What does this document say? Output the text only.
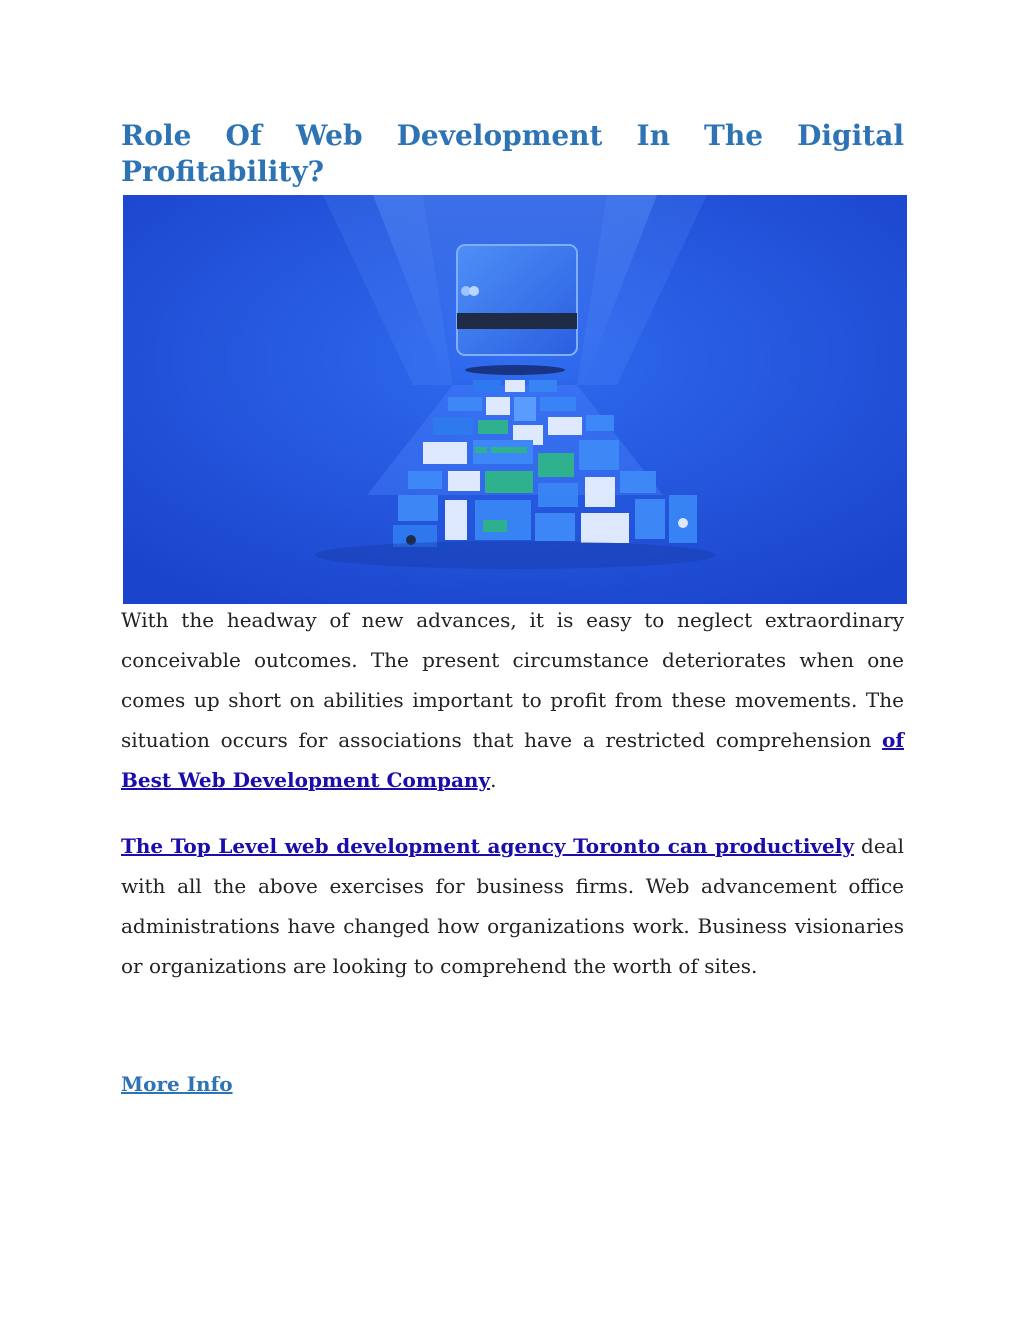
Role Of Web Development In The Digital Profitability?

With the headway of new advances, it is easy to neglect extraordinary conceivable outcomes. The present circumstance deteriorates when one comes up short on abilities important to profit from these movements. The situation occurs for associations that have a restricted comprehension of Best Web Development Company.

The Top Level web development agency Toronto can productively deal with all the above exercises for business firms. Web advancement office administrations have changed how organizations work. Business visionaries or organizations are looking to comprehend the worth of sites.

More Info
